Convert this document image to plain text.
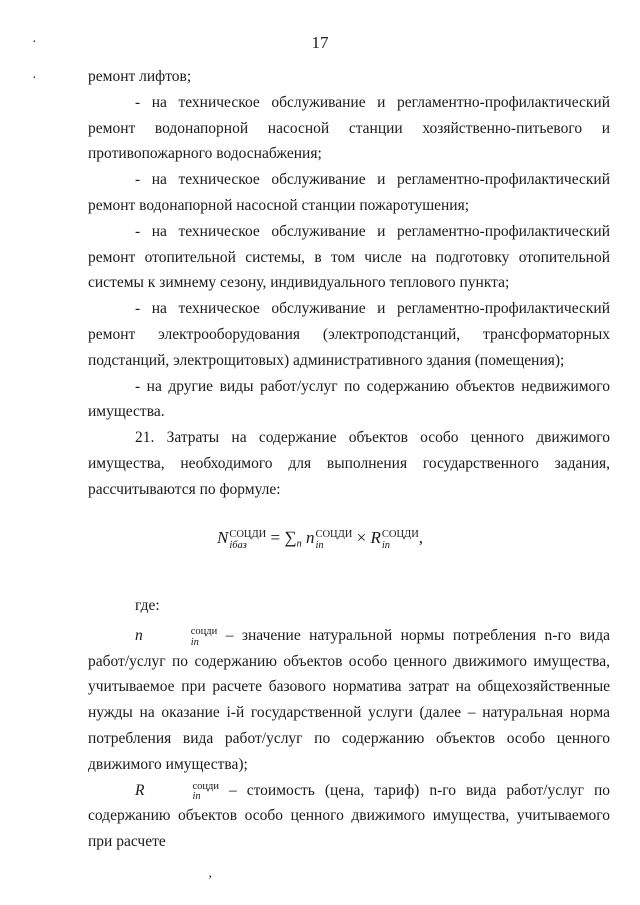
17
·
·
‚

ремонт лифтов;

- на техническое обслуживание и регламентно-профилактический ремонт водонапорной насосной станции хозяйственно-питьевого и противопожарного водоснабжения;

- на техническое обслуживание и регламентно-профилактический ремонт водонапорной насосной станции пожаротушения;

- на техническое обслуживание и регламентно-профилактический ремонт отопительной системы, в том числе на подготовку отопительной системы к зимнему сезону, индивидуального теплового пункта;

- на техническое обслуживание и регламентно-профилактический ремонт электрооборудования (электроподстанций, трансформаторных подстанций, электрощитовых) административного здания (помещения);

- на другие виды работ/услуг по содержанию объектов недвижимого имущества.

21. Затраты на содержание объектов особо ценного движимого имущества, необходимого для выполнения государственного задания, рассчитываются по формуле:

N СОЦДИ
iбаз	= $\sum_n$ n СОЦДИ
in	× R СОЦДИ
in	,

где:

n	соцди
in	– значение натуральной нормы потребления n-го вида работ/услуг по содержанию объектов особо ценного движимого имущества, учитываемое при расчете базового норматива затрат на общехозяйственные нужды на оказание i-й государственной услуги (далее – натуральная норма потребления вида работ/услуг по содержанию объектов особо ценного движимого имущества);

R	соцди
in	– стоимость (цена, тариф) n-го вида работ/услуг по содержанию объектов особо ценного движимого имущества, учитываемого при расчете
